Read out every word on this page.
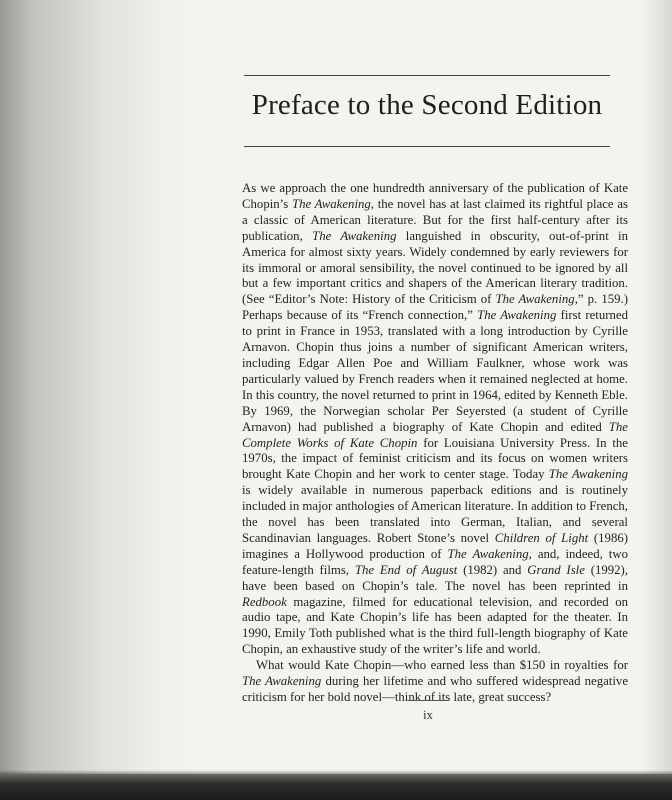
Preface to the Second Edition

As we approach the one hundredth anniversary of the publication of Kate Chopin’s The Awakening, the novel has at last claimed its rightful place as a classic of American literature. But for the first half-century after its publication, The Awakening languished in obscurity, out-of-print in America for almost sixty years. Widely condemned by early reviewers for its immoral or amoral sensibility, the novel continued to be ignored by all but a few important critics and shapers of the American literary tradition. (See “Editor’s Note: History of the Criticism of The Awakening,” p. 159.) Perhaps because of its “French connection,” The Awakening first returned to print in France in 1953, translated with a long introduction by Cyrille Arnavon. Chopin thus joins a number of significant American writers, including Edgar Allen Poe and William Faulkner, whose work was particularly valued by French readers when it remained neglected at home. In this country, the novel returned to print in 1964, edited by Kenneth Eble. By 1969, the Norwegian scholar Per Seyersted (a student of Cyrille Arnavon) had published a biography of Kate Chopin and edited The Complete Works of Kate Chopin for Louisiana University Press. In the 1970s, the impact of feminist criticism and its focus on women writers brought Kate Chopin and her work to center stage. Today The Awakening is widely available in numerous paperback editions and is routinely included in major anthologies of American literature. In addition to French, the novel has been translated into German, Italian, and several Scandinavian languages. Robert Stone’s novel Children of Light (1986) imagines a Hollywood production of The Awakening, and, indeed, two feature-length films, The End of August (1982) and Grand Isle (1992), have been based on Chopin’s tale. The novel has been reprinted in Redbook magazine, filmed for educational television, and recorded on audio tape, and Kate Chopin’s life has been adapted for the theater. In 1990, Emily Toth published what is the third full-length biography of Kate Chopin, an exhaustive study of the writer’s life and world.

What would Kate Chopin—who earned less than $150 in royalties for The Awakening during her lifetime and who suffered widespread negative criticism for her bold novel—think of its late, great success?

ix
